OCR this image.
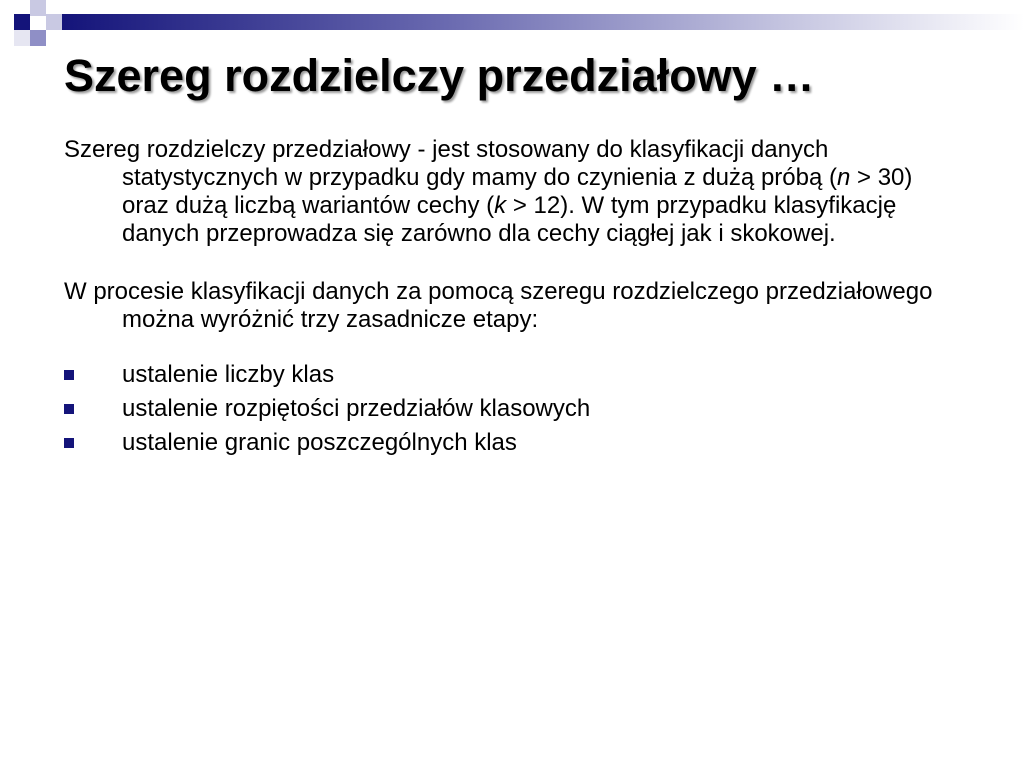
Szereg rozdzielczy przedziałowy …

Szereg rozdzielczy przedziałowy - jest stosowany do klasyfikacji danych statystycznych w przypadku gdy mamy do czynienia z dużą próbą (n > 30) oraz dużą liczbą wariantów cechy (k > 12). W tym przypadku klasyfikację danych przeprowadza się zarówno dla cechy ciągłej jak i skokowej.

W procesie klasyfikacji danych za pomocą szeregu rozdzielczego przedziałowego można wyróżnić trzy zasadnicze etapy:

ustalenie liczby klas
ustalenie rozpiętości przedziałów klasowych
ustalenie granic poszczególnych klas
